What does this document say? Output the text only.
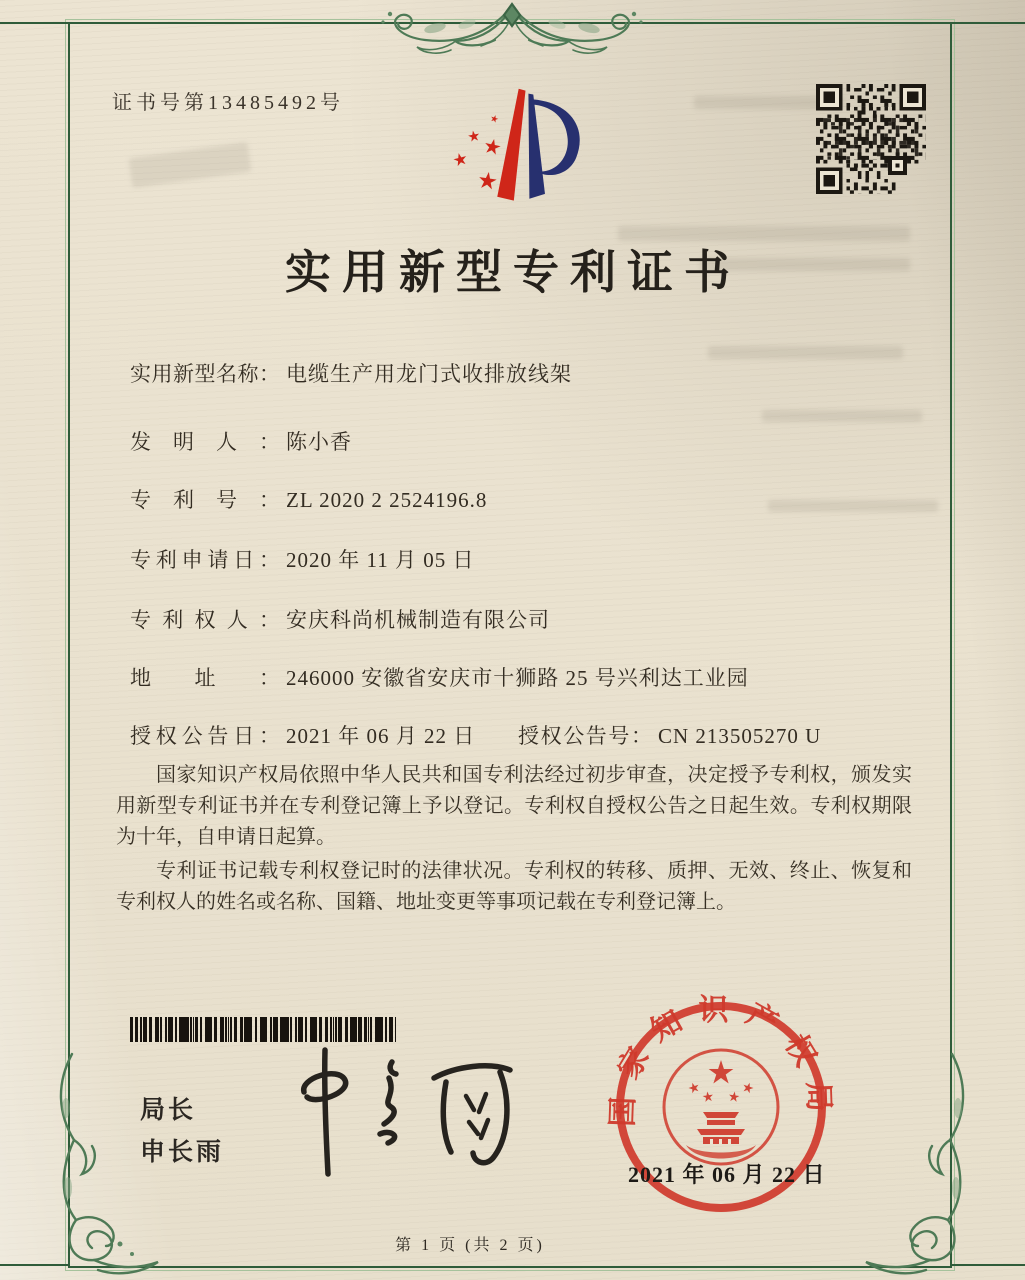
证书号第13485492号
实用新型专利证书
实用新型名称： 电缆生产用龙门式收排放线架
发明人： 陈小香
专利号： ZL 2020 2 2524196.8
专利申请日： 2020 年 11 月 05 日
专利权人： 安庆科尚机械制造有限公司
地址： 246000 安徽省安庆市十狮路 25 号兴利达工业园
授权公告日： 2021 年 06 月 22 日 授权公告号： CN 213505270 U

国家知识产权局依照中华人民共和国专利法经过初步审查，决定授予专利权，颁发实用新型专利证书并在专利登记簿上予以登记。专利权自授权公告之日起生效。专利权期限为十年，自申请日起算。

专利证书记载专利权登记时的法律状况。专利权的转移、质押、无效、终止、恢复和专利权人的姓名或名称、国籍、地址变更等事项记载在专利登记簿上。

局长
申长雨
国家知识产权局
2021 年 06 月 22 日
第 1 页 (共 2 页)
